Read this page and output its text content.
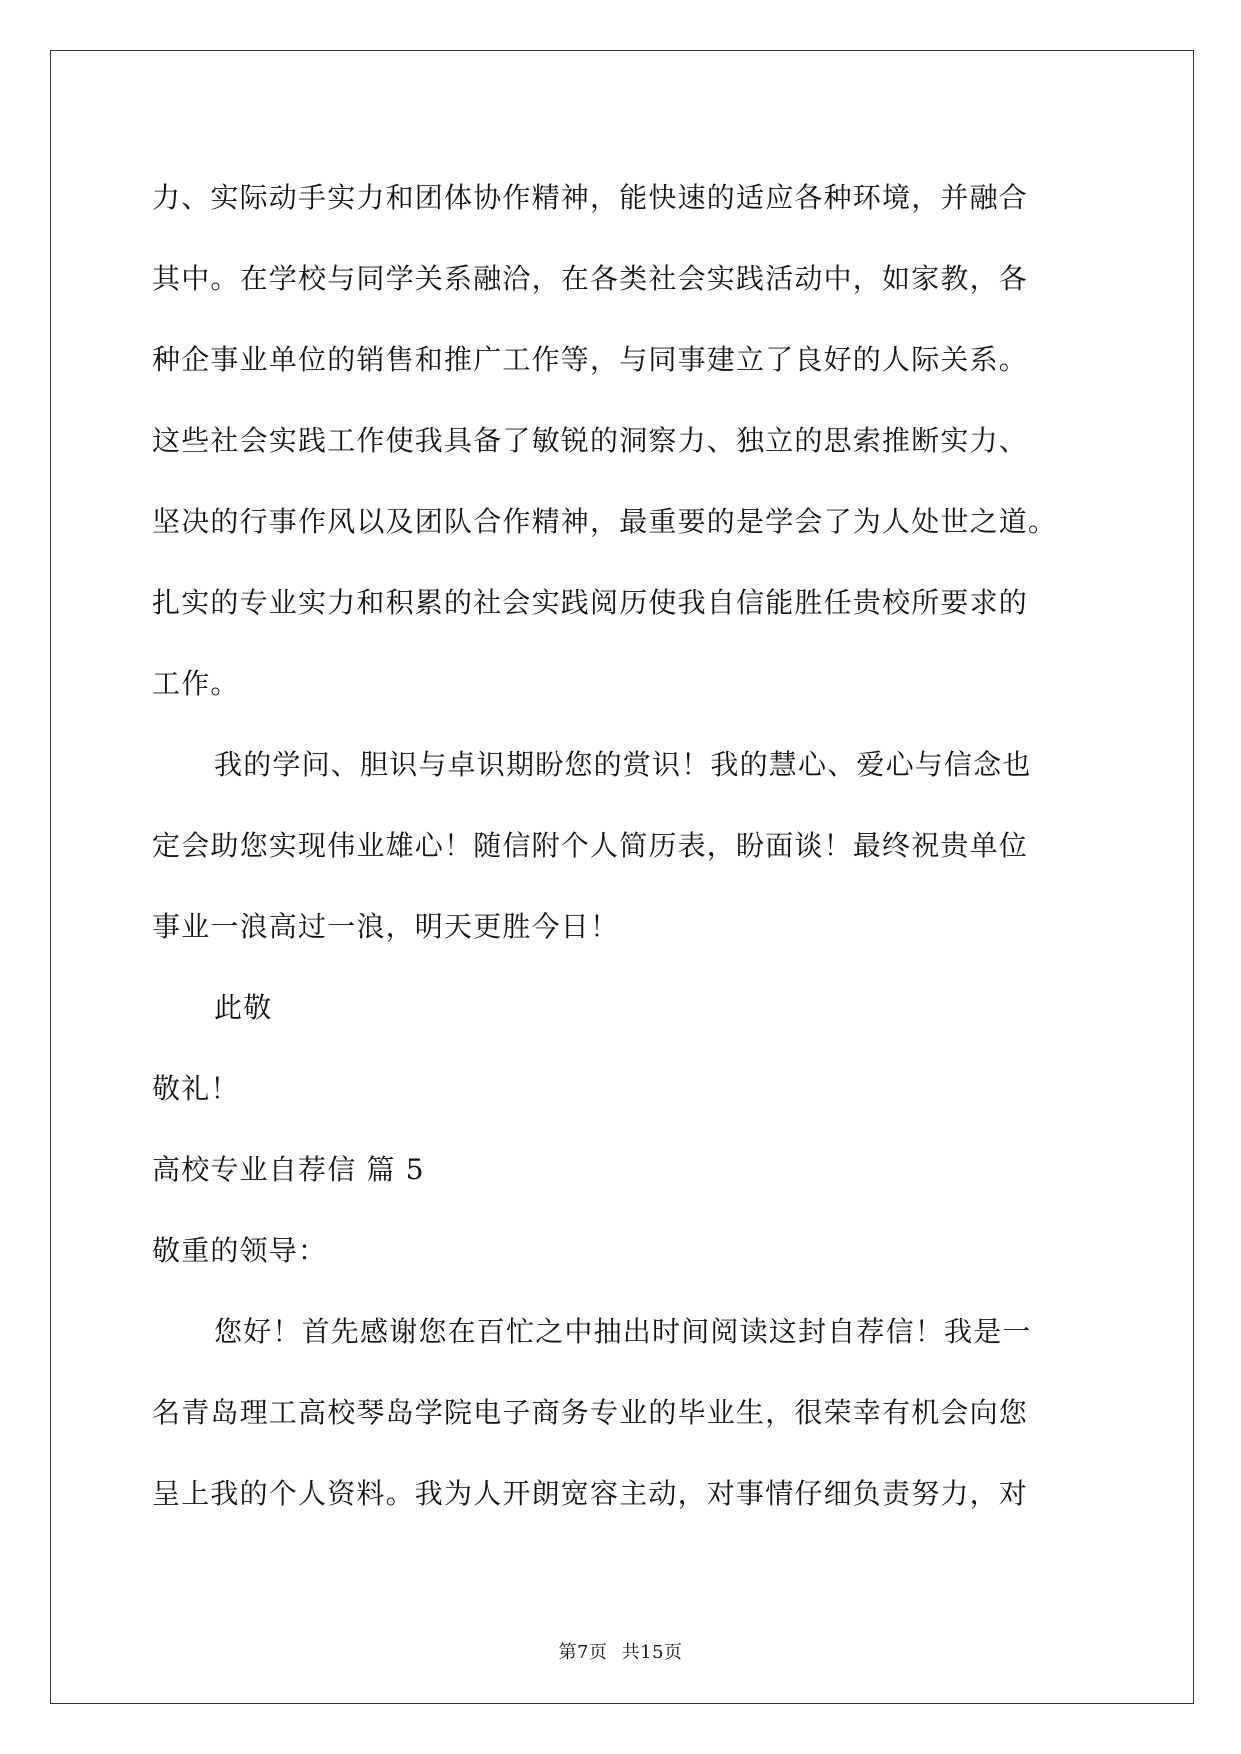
力、实际动手实力和团体协作精神，能快速的适应各种环境，并融合
其中。在学校与同学关系融洽，在各类社会实践活动中，如家教，各
种企事业单位的销售和推广工作等，与同事建立了良好的人际关系。
这些社会实践工作使我具备了敏锐的洞察力、独立的思索推断实力、
坚决的行事作风以及团队合作精神，最重要的是学会了为人处世之道。
扎实的专业实力和积累的社会实践阅历使我自信能胜任贵校所要求的
工作。
我的学问、胆识与卓识期盼您的赏识！我的慧心、爱心与信念也
定会助您实现伟业雄心！随信附个人简历表，盼面谈！最终祝贵单位
事业一浪高过一浪，明天更胜今日！
此敬
敬礼！
高校专业自荐信 篇 5
敬重的领导：
您好！首先感谢您在百忙之中抽出时间阅读这封自荐信！我是一
名青岛理工高校琴岛学院电子商务专业的毕业生，很荣幸有机会向您
呈上我的个人资料。我为人开朗宽容主动，对事情仔细负责努力，对
第7页 共15页
